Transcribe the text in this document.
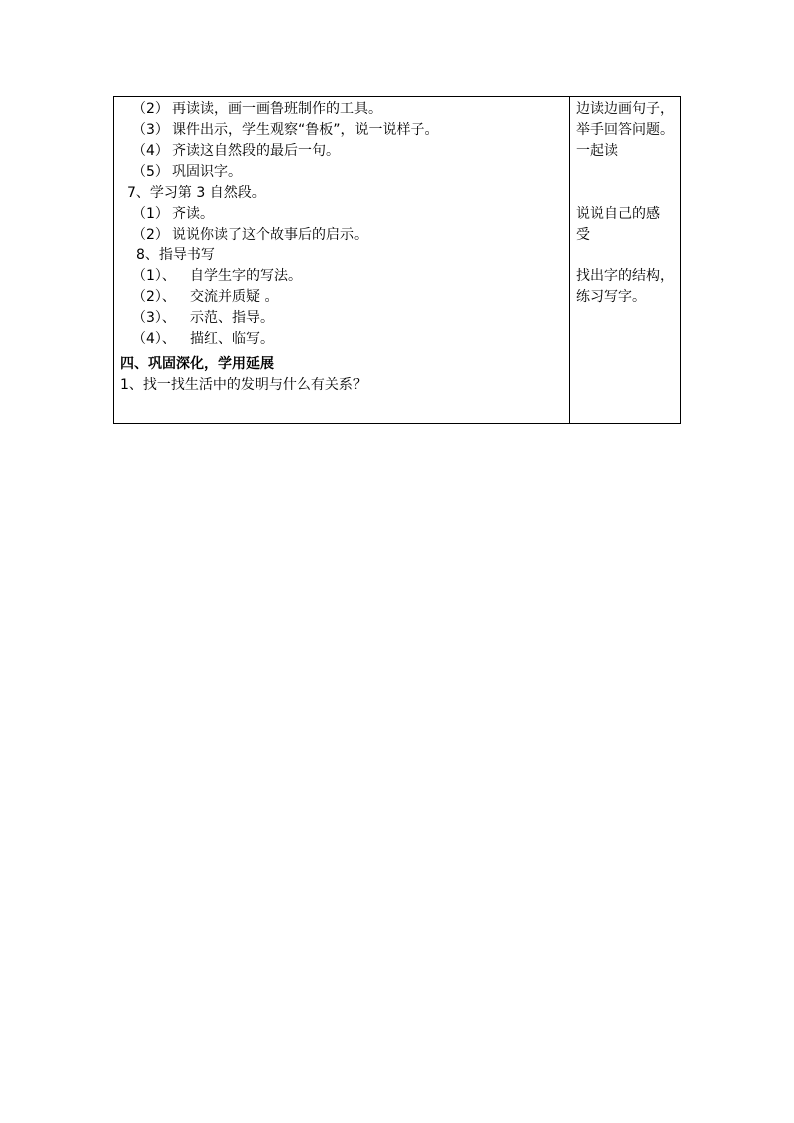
（2） 再读读，画一画鲁班制作的工具。
（3） 课件出示，学生观察“鲁板”，说一说样子。
（4） 齐读这自然段的最后一句。
（5） 巩固识字。
7、学习第 3 自然段。
（1） 齐读。
（2） 说说你读了这个故事后的启示。
8、指导书写
（1）、 自学生字的写法。
（2）、 交流并质疑 。
（3）、 示范、指导。
（4）、 描红、临写。
四、巩固深化，学用延展
1、找一找生活中的发明与什么有关系？
边读边画句子，
举手回答问题。
一起读
说说自己的感
受
找出字的结构，
练习写字。
